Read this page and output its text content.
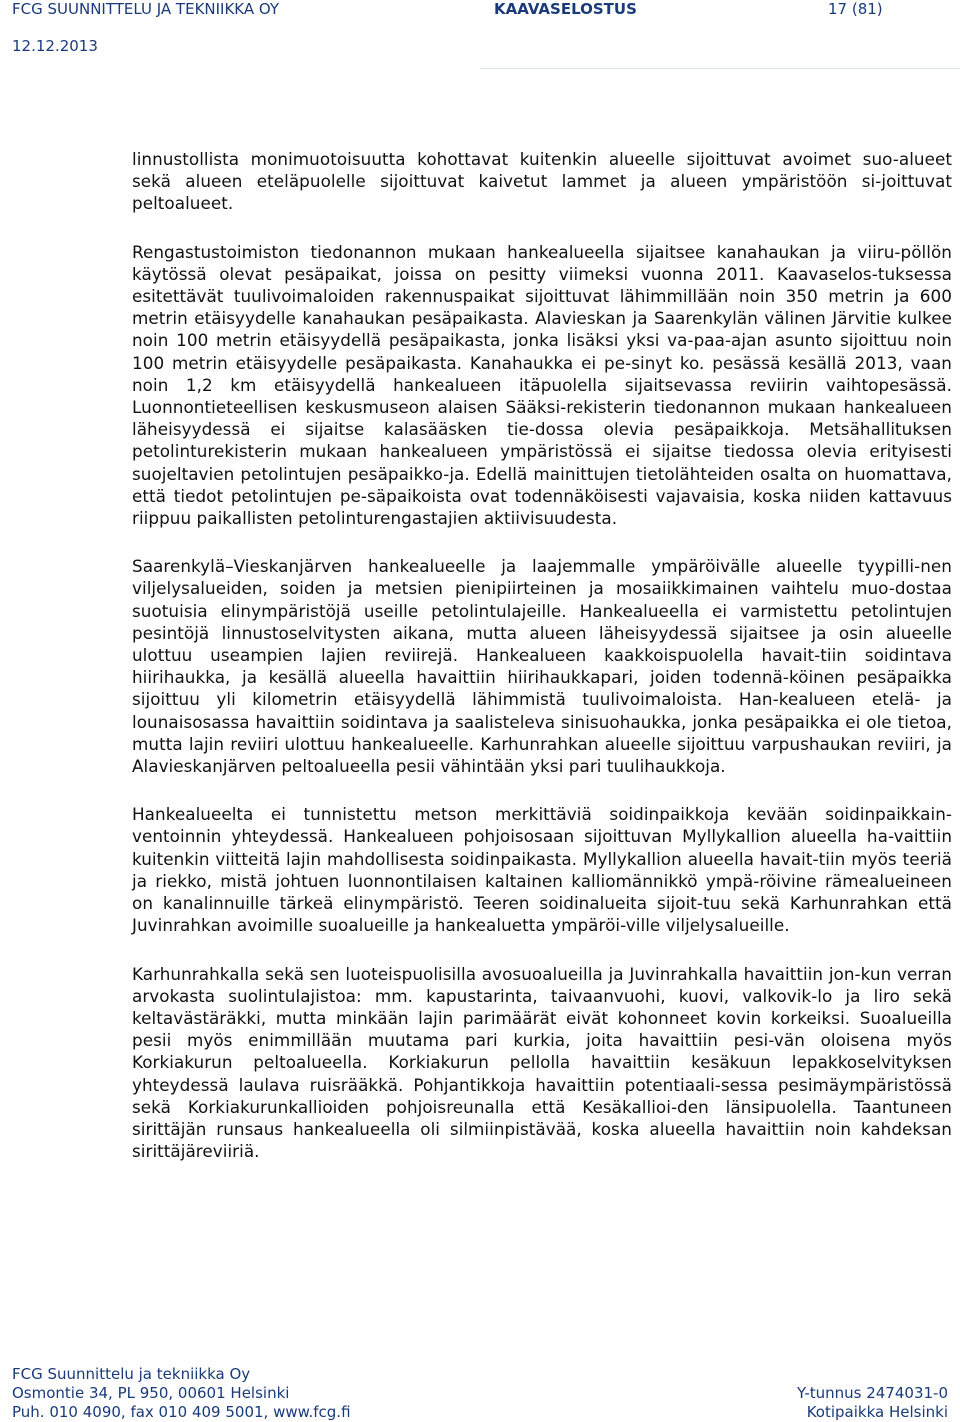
FCG SUUNNITTELU JA TEKNIIKKA OY	KAAVASELOSTUS	17 (81)
12.12.2013

linnustollista monimuotoisuutta kohottavat kuitenkin alueelle sijoittuvat avoimet suo-alueet sekä alueen eteläpuolelle sijoittuvat kaivetut lammet ja alueen ympäristöön si-joittuvat peltoalueet.

Rengastustoimiston tiedonannon mukaan hankealueella sijaitsee kanahaukan ja viiru-pöllön käytössä olevat pesäpaikat, joissa on pesitty viimeksi vuonna 2011. Kaavaselos-tuksessa esitettävät tuulivoimaloiden rakennuspaikat sijoittuvat lähimmillään noin 350 metrin ja 600 metrin etäisyydelle kanahaukan pesäpaikasta. Alavieskan ja Saarenkylän välinen Järvitie kulkee noin 100 metrin etäisyydellä pesäpaikasta, jonka lisäksi yksi va-paa-ajan asunto sijoittuu noin 100 metrin etäisyydelle pesäpaikasta. Kanahaukka ei pe-sinyt ko. pesässä kesällä 2013, vaan noin 1,2 km etäisyydellä hankealueen itäpuolella sijaitsevassa reviirin vaihtopesässä. Luonnontieteellisen keskusmuseon alaisen Sääksi-rekisterin tiedonannon mukaan hankealueen läheisyydessä ei sijaitse kalasääsken tie-dossa olevia pesäpaikkoja. Metsähallituksen petolinturekisterin mukaan hankealueen ympäristössä ei sijaitse tiedossa olevia erityisesti suojeltavien petolintujen pesäpaikko-ja. Edellä mainittujen tietolähteiden osalta on huomattava, että tiedot petolintujen pe-säpaikoista ovat todennäköisesti vajavaisia, koska niiden kattavuus riippuu paikallisten petolinturengastajien aktiivisuudesta.

Saarenkylä–Vieskanjärven hankealueelle ja laajemmalle ympäröivälle alueelle tyypilli-nen viljelysalueiden, soiden ja metsien pienipiirteinen ja mosaiikkimainen vaihtelu muo-dostaa suotuisia elinympäristöjä useille petolintulajeille. Hankealueella ei varmistettu petolintujen pesintöjä linnustoselvitysten aikana, mutta alueen läheisyydessä sijaitsee ja osin alueelle ulottuu useampien lajien reviirejä. Hankealueen kaakkoispuolella havait-tiin soidintava hiirihaukka, ja kesällä alueella havaittiin hiirihaukkapari, joiden todennä-köinen pesäpaikka sijoittuu yli kilometrin etäisyydellä lähimmistä tuulivoimaloista. Han-kealueen etelä- ja lounaisosassa havaittiin soidintava ja saalisteleva sinisuohaukka, jonka pesäpaikka ei ole tietoa, mutta lajin reviiri ulottuu hankealueelle. Karhunrahkan alueelle sijoittuu varpushaukan reviiri, ja Alavieskanjärven peltoalueella pesii vähintään yksi pari tuulihaukkoja.

Hankealueelta ei tunnistettu metson merkittäviä soidinpaikkoja kevään soidinpaikkain-ventoinnin yhteydessä. Hankealueen pohjoisosaan sijoittuvan Myllykallion alueella ha-vaittiin kuitenkin viitteitä lajin mahdollisesta soidinpaikasta. Myllykallion alueella havait-tiin myös teeriä ja riekko, mistä johtuen luonnontilaisen kaltainen kalliomännikkö ympä-röivine rämealueineen on kanalinnuille tärkeä elinympäristö. Teeren soidinalueita sijoit-tuu sekä Karhunrahkan että Juvinrahkan avoimille suoalueille ja hankealuetta ympäröi-ville viljelysalueille.

Karhunrahkalla sekä sen luoteispuolisilla avosuoalueilla ja Juvinrahkalla havaittiin jon-kun verran arvokasta suolintulajistoa: mm. kapustarinta, taivaanvuohi, kuovi, valkovik-lo ja liro sekä keltavästäräkki, mutta minkään lajin parimäärät eivät kohonneet kovin korkeiksi. Suoalueilla pesii myös enimmillään muutama pari kurkia, joita havaittiin pesi-vän oloisena myös Korkiakurun peltoalueella. Korkiakurun pellolla havaittiin kesäkuun lepakkoselvityksen yhteydessä laulava ruisrääkkä. Pohjantikkoja havaittiin potentiaali-sessa pesimäympäristössä sekä Korkiakurunkallioiden pohjoisreunalla että Kesäkallioi-den länsipuolella. Taantuneen sirittäjän runsaus hankealueella oli silmiinpistävää, koska alueella havaittiin noin kahdeksan sirittäjäreviiriä.

FCG Suunnittelu ja tekniikka Oy
Osmontie 34, PL 950, 00601 Helsinki	Y-tunnus 2474031-0
Puh. 010 4090, fax 010 409 5001, www.fcg.fi	Kotipaikka Helsinki
